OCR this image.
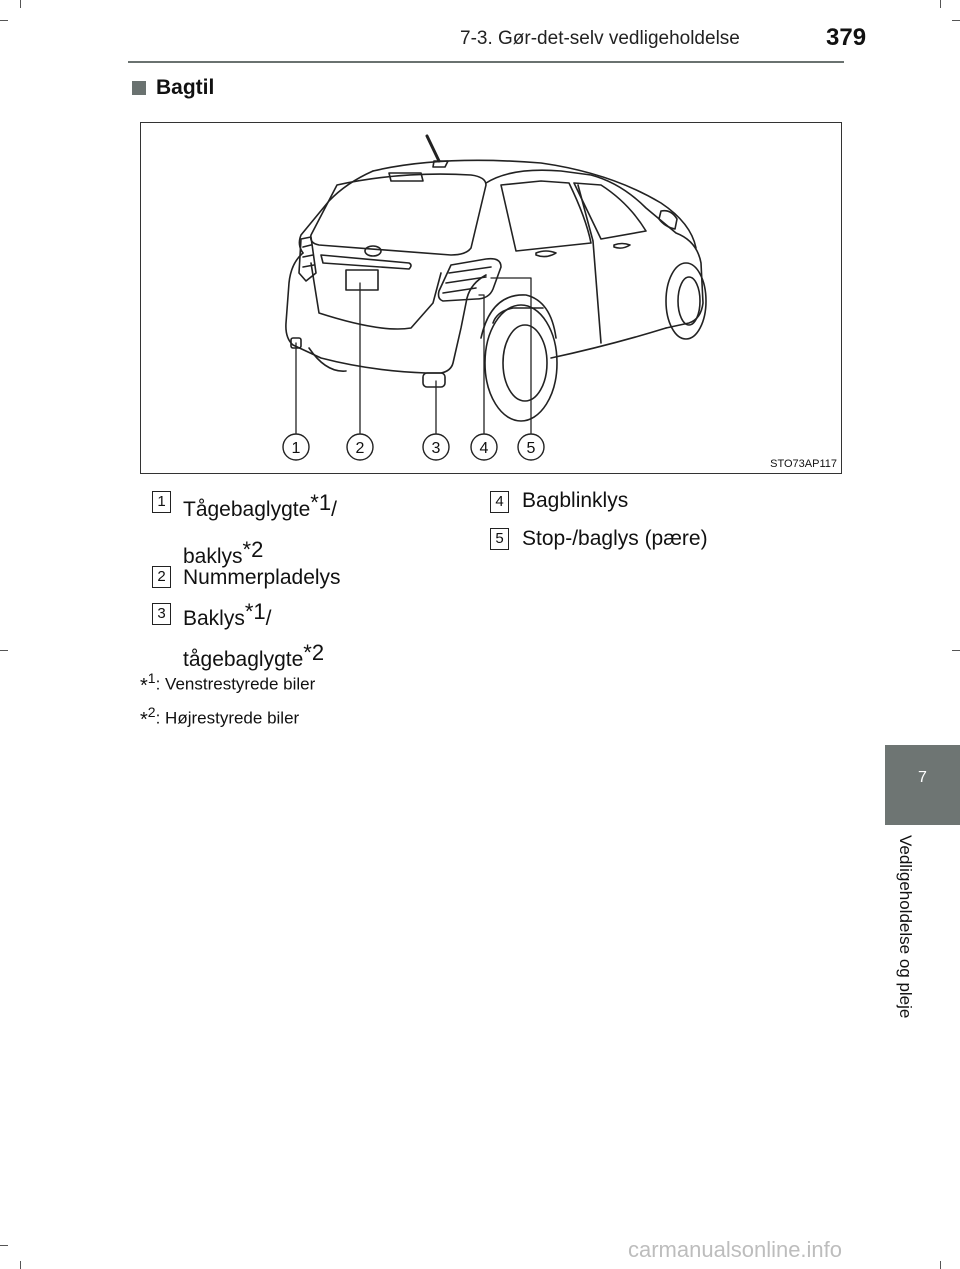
7-3. Gør-det-selv vedligeholdelse	379
Bagtil
1	2	3 4 5
STO73AP117
1 Tågebaglygte$^{*1}$/
baklys$^{*2}$
2 Nummerpladelys
3 Baklys$^{*1}$/
tågebaglygte$^{*2}$
4 Bagblinklys
5 Stop-/baglys (pære)
*$^1$: Venstrestyrede biler
*$^2$: Højrestyrede biler
7
Vedligeholdelse og pleje
carmanualsonline.info
